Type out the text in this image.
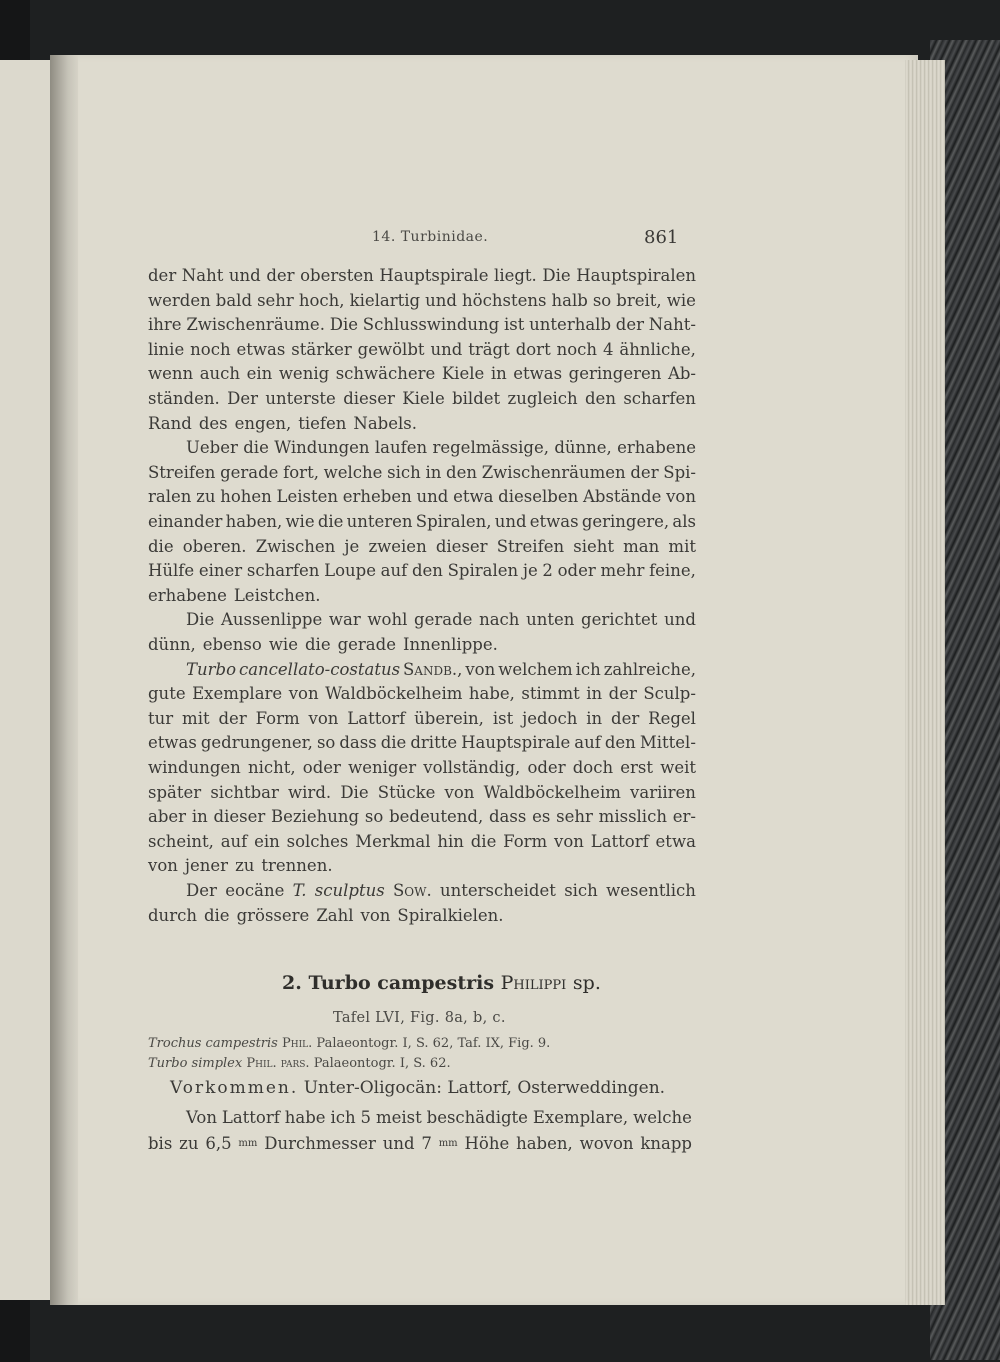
14. Turbinidae.	861
der Naht und der obersten Hauptspirale liegt. Die Hauptspiralen
werden bald sehr hoch, kielartig und höchstens halb so breit, wie
ihre Zwischenräume. Die Schlusswindung ist unterhalb der Naht-
linie noch etwas stärker gewölbt und trägt dort noch 4 ähnliche,
wenn auch ein wenig schwächere Kiele in etwas geringeren Ab-
ständen. Der unterste dieser Kiele bildet zugleich den scharfen
Rand des engen, tiefen Nabels.
Ueber die Windungen laufen regelmässige, dünne, erhabene
Streifen gerade fort, welche sich in den Zwischenräumen der Spi-
ralen zu hohen Leisten erheben und etwa dieselben Abstände von
einander haben, wie die unteren Spiralen, und etwas geringere, als
die oberen. Zwischen je zweien dieser Streifen sieht man mit
Hülfe einer scharfen Loupe auf den Spiralen je 2 oder mehr feine,
erhabene Leistchen.
Die Aussenlippe war wohl gerade nach unten gerichtet und
dünn, ebenso wie die gerade Innenlippe.
Turbo cancellato-costatus Sandb., von welchem ich zahlreiche,
gute Exemplare von Waldböckelheim habe, stimmt in der Sculp-
tur mit der Form von Lattorf überein, ist jedoch in der Regel
etwas gedrungener, so dass die dritte Hauptspirale auf den Mittel-
windungen nicht, oder weniger vollständig, oder doch erst weit
später sichtbar wird. Die Stücke von Waldböckelheim variiren
aber in dieser Beziehung so bedeutend, dass es sehr misslich er-
scheint, auf ein solches Merkmal hin die Form von Lattorf etwa
von jener zu trennen.
Der eocäne T. sculptus Sow. unterscheidet sich wesentlich
durch die grössere Zahl von Spiralkielen.
2. Turbo campestris Philippi sp.
Tafel LVI, Fig. 8a, b, c.
Trochus campestris Phil. Palaeontogr. I, S. 62, Taf. IX, Fig. 9.
Turbo simplex Phil. pars. Palaeontogr. I, S. 62.
Vorkommen. Unter-Oligocän: Lattorf, Osterweddingen.
Von Lattorf habe ich 5 meist beschädigte Exemplare, welche
bis zu 6,5 mm Durchmesser und 7 mm Höhe haben, wovon knapp
